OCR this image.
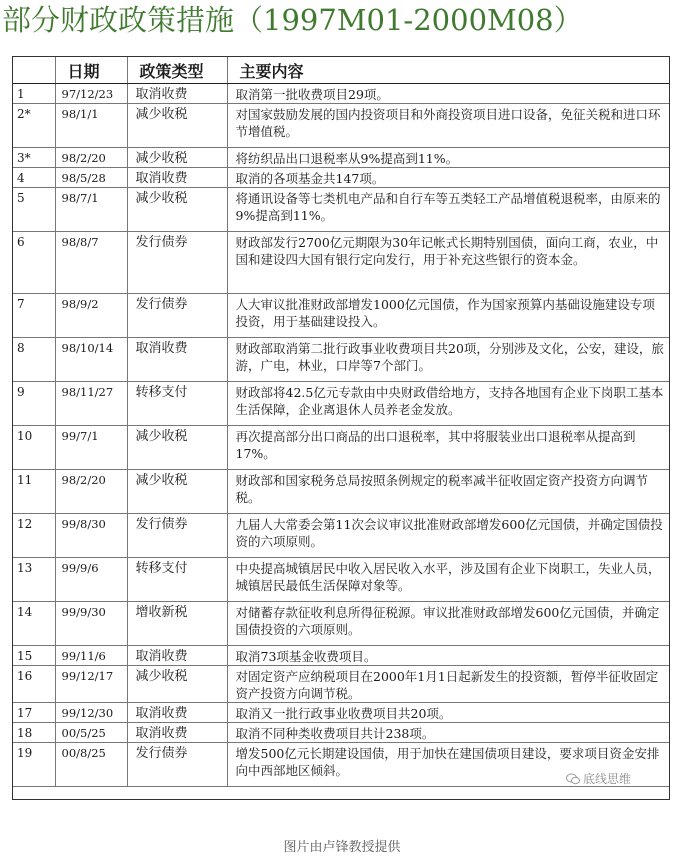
部分财政政策措施（1997M01-2000M08）
	日期	政策类型	主要内容
1	97/12/23	取消收费	取消第一批收费项目29项。
2*	98/1/1	减少收税	对国家鼓励发展的国内投资项目和外商投资项目进口设备，免征关税和进口环节增值税。
3*	98/2/20	减少收税	将纺织品出口退税率从9%提高到11%。
4	98/5/28	取消收费	取消的各项基金共147项。
5	98/7/1	减少收税	将通讯设备等七类机电产品和自行车等五类轻工产品增值税退税率，由原来的9%提高到11%。
6	98/8/7	发行债券	财政部发行2700亿元期限为30年记帐式长期特别国债，面向工商，农业，中国和建设四大国有银行定向发行，用于补充这些银行的资本金。
7	98/9/2	发行债券	人大审议批准财政部增发1000亿元国债，作为国家预算内基础设施建设专项投资，用于基础建设投入。
8	98/10/14	取消收费	财政部取消第二批行政事业收费项目共20项，分别涉及文化，公安，建设，旅游，广电，林业，口岸等7个部门。
9	98/11/27	转移支付	财政部将42.5亿元专款由中央财政借给地方，支持各地国有企业下岗职工基本生活保障，企业离退休人员养老金发放。
10	99/7/1	减少收税	再次提高部分出口商品的出口退税率，其中将服装业出口退税率从提高到17%。
11	98/2/20	减少收税	财政部和国家税务总局按照条例规定的税率减半征收固定资产投资方向调节税。
12	99/8/30	发行债券	九届人大常委会第11次会议审议批准财政部增发600亿元国债，并确定国债投资的六项原则。
13	99/9/6	转移支付	中央提高城镇居民中收入居民收入水平，涉及国有企业下岗职工，失业人员，城镇居民最低生活保障对象等。
14	99/9/30	增收新税	对储蓄存款征收利息所得征税源。审议批准财政部增发600亿元国债，并确定国债投资的六项原则。
15	99/11/6	取消收费	取消73项基金收费项目。
16	99/12/17	减少收税	对固定资产应纳税项目在2000年1月1日起新发生的投资额，暂停半征收固定资产投资方向调节税。
17	99/12/30	取消收费	取消又一批行政事业收费项目共20项。
18	00/5/25	取消收费	取消不同种类收费项目共计238项。
19	00/8/25	发行债券	增发500亿元长期建设国债，用于加快在建国债项目建设，要求项目资金安排向中西部地区倾斜。
底线思维
图片由卢锋教授提供
